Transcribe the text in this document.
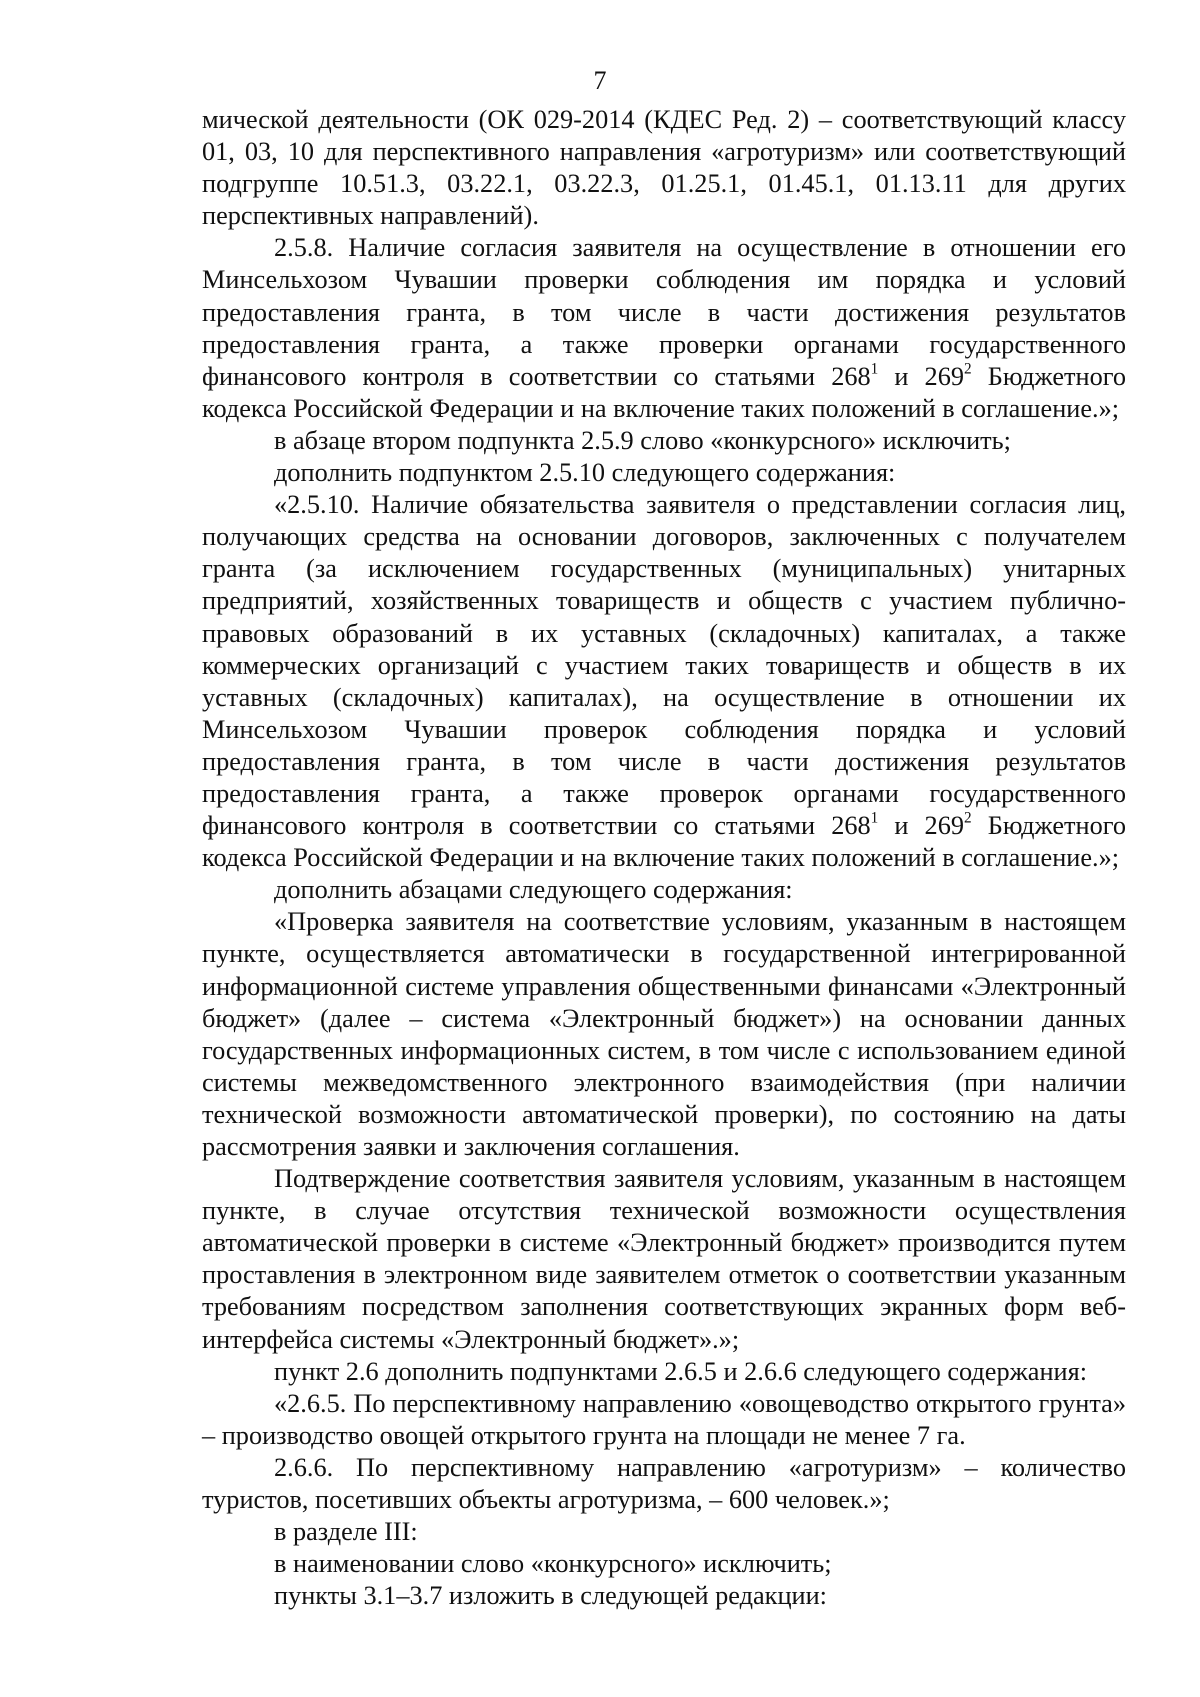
7

мической деятельности (ОК 029-2014 (КДЕС Ред. 2) – соответствующий классу 01, 03, 10 для перспективного направления «агротуризм» или соответствующий подгруппе 10.51.3, 03.22.1, 03.22.3, 01.25.1, 01.45.1, 01.13.11 для других перспективных направлений).

2.5.8. Наличие согласия заявителя на осуществление в отношении его Минсельхозом Чувашии проверки соблюдения им порядка и условий предоставления гранта, в том числе в части достижения результатов предоставления гранта, а также проверки органами государственного финансового контроля в соответствии со статьями $268^1$ и $269^2$ Бюджетного кодекса Российской Федерации и на включение таких положений в соглашение.»;

в абзаце втором подпункта 2.5.9 слово «конкурсного» исключить;

дополнить подпунктом 2.5.10 следующего содержания:

«2.5.10. Наличие обязательства заявителя о представлении согласия лиц, получающих средства на основании договоров, заключенных с получателем гранта (за исключением государственных (муниципальных) унитарных предприятий, хозяйственных товариществ и обществ с участием публично-правовых образований в их уставных (складочных) капиталах, а также коммерческих организаций с участием таких товариществ и обществ в их уставных (складочных) капиталах), на осуществление в отношении их Минсельхозом Чувашии проверок соблюдения порядка и условий предоставления гранта, в том числе в части достижения результатов предоставления гранта, а также проверок органами государственного финансового контроля в соответствии со статьями $268^1$ и $269^2$ Бюджетного кодекса Российской Федерации и на включение таких положений в соглашение.»;

дополнить абзацами следующего содержания:

«Проверка заявителя на соответствие условиям, указанным в настоящем пункте, осуществляется автоматически в государственной интегрированной информационной системе управления общественными финансами «Электронный бюджет» (далее – система «Электронный бюджет») на основании данных государственных информационных систем, в том числе с использованием единой системы межведомственного электронного взаимодействия (при наличии технической возможности автоматической проверки), по состоянию на даты рассмотрения заявки и заключения соглашения.

Подтверждение соответствия заявителя условиям, указанным в настоящем пункте, в случае отсутствия технической возможности осуществления автоматической проверки в системе «Электронный бюджет» производится путем проставления в электронном виде заявителем отметок о соответствии указанным требованиям посредством заполнения соответствующих экранных форм веб-интерфейса системы «Электронный бюджет».»;

пункт 2.6 дополнить подпунктами 2.6.5 и 2.6.6 следующего содержания:

«2.6.5. По перспективному направлению «овощеводство открытого грунта» – производство овощей открытого грунта на площади не менее 7 га.

2.6.6. По перспективному направлению «агротуризм» – количество туристов, посетивших объекты агротуризма, – 600 человек.»;

в разделе III:

в наименовании слово «конкурсного» исключить;

пункты 3.1–3.7 изложить в следующей редакции:
